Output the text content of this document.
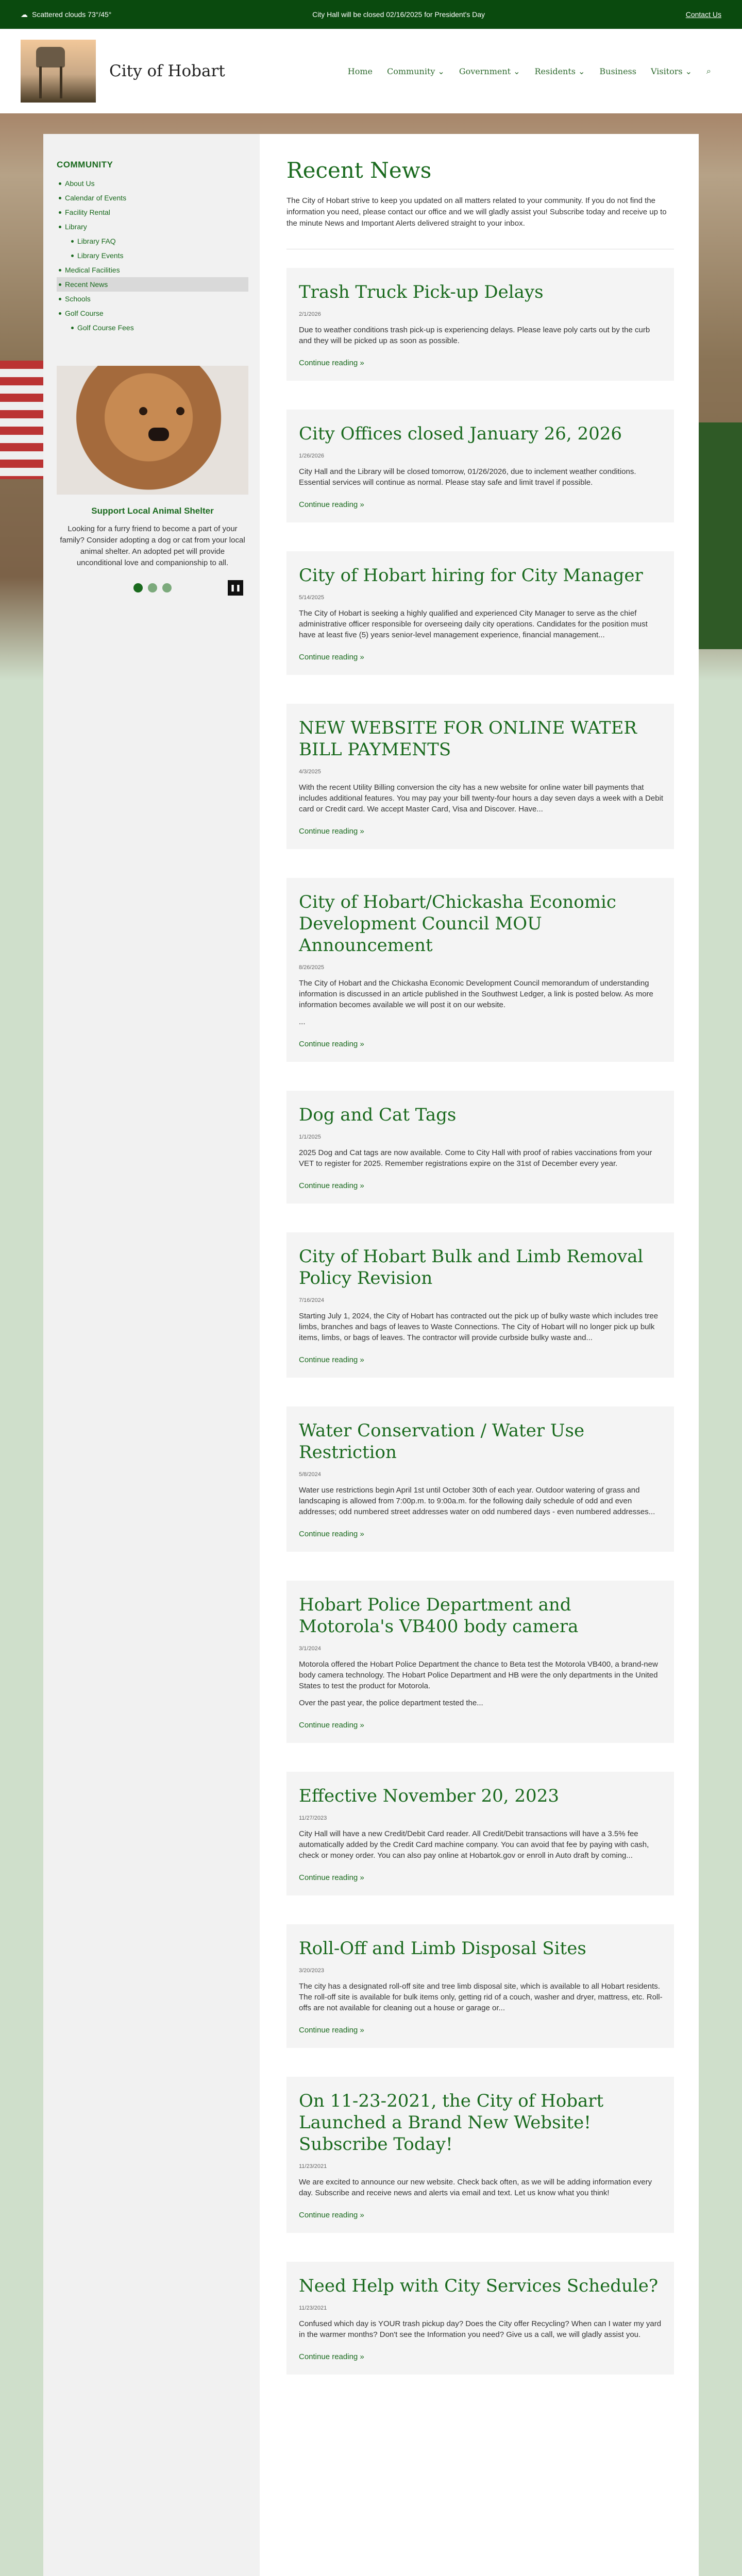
☁ Scattered clouds 73°/45°	City Hall will be closed 02/16/2025 for President's Day	Contact Us
City of Hobart	Home Community ⌄ Government ⌄ Residents ⌄ Business Visitors ⌄ ⌕
COMMUNITY
About Us
Calendar of Events
Facility Rental
Library
Library FAQ
Library Events
Medical Facilities
Recent News
Schools
Golf Course
Golf Course Fees
Support Local Animal Shelter

Looking for a furry friend to become a part of your family? Consider adopting a dog or cat from your local animal shelter. An adopted pet will provide unconditional love and companionship to all.

❚❚
Recent News

The City of Hobart strive to keep you updated on all matters related to your community. If you do not find the information you need, please contact our office and we will gladly assist you! Subscribe today and receive up to the minute News and Important Alerts delivered straight to your inbox.

Trash Truck Pick-up Delays
2/1/2026

Due to weather conditions trash pick-up is experiencing delays. Please leave poly carts out by the curb and they will be picked up as soon as possible.

Continue reading »
City Offices closed January 26, 2026
1/26/2026

City Hall and the Library will be closed tomorrow, 01/26/2026, due to inclement weather conditions. Essential services will continue as normal. Please stay safe and limit travel if possible.

Continue reading »
City of Hobart hiring for City Manager
5/14/2025

The City of Hobart is seeking a highly qualified and experienced City Manager to serve as the chief administrative officer responsible for overseeing daily city operations. Candidates for the position must have at least five (5) years senior-level management experience, financial management...

Continue reading »
NEW WEBSITE FOR ONLINE WATER BILL PAYMENTS
4/3/2025

With the recent Utility Billing conversion the city has a new website for online water bill payments that includes additional features. You may pay your bill twenty-four hours a day seven days a week with a Debit card or Credit card. We accept Master Card, Visa and Discover. Have...

Continue reading »
City of Hobart/Chickasha Economic Development Council MOU Announcement
8/26/2025

The City of Hobart and the Chickasha Economic Development Council memorandum of understanding information is discussed in an article published in the Southwest Ledger, a link is posted below. As more information becomes available we will post it on our website.

...

Continue reading »
Dog and Cat Tags
1/1/2025

2025 Dog and Cat tags are now available. Come to City Hall with proof of rabies vaccinations from your VET to register for 2025. Remember registrations expire on the 31st of December every year.

Continue reading »
City of Hobart Bulk and Limb Removal Policy Revision
7/16/2024

Starting July 1, 2024, the City of Hobart has contracted out the pick up of bulky waste which includes tree limbs, branches and bags of leaves to Waste Connections. The City of Hobart will no longer pick up bulk items, limbs, or bags of leaves. The contractor will provide curbside bulky waste and...

Continue reading »
Water Conservation / Water Use Restriction
5/8/2024

Water use restrictions begin April 1st until October 30th of each year. Outdoor watering of grass and landscaping is allowed from 7:00p.m. to 9:00a.m. for the following daily schedule of odd and even addresses; odd numbered street addresses water on odd numbered days - even numbered addresses...

Continue reading »
Hobart Police Department and Motorola's VB400 body camera
3/1/2024

Motorola offered the Hobart Police Department the chance to Beta test the Motorola VB400, a brand-new body camera technology. The Hobart Police Department and HB were the only departments in the United States to test the product for Motorola.

Over the past year, the police department tested the...

Continue reading »
Effective November 20, 2023
11/27/2023

City Hall will have a new Credit/Debit Card reader. All Credit/Debit transactions will have a 3.5% fee automatically added by the Credit Card machine company. You can avoid that fee by paying with cash, check or money order. You can also pay online at Hobartok.gov or enroll in Auto draft by coming...

Continue reading »
Roll-Off and Limb Disposal Sites
3/20/2023

The city has a designated roll-off site and tree limb disposal site, which is available to all Hobart residents. The roll-off site is available for bulk items only, getting rid of a couch, washer and dryer, mattress, etc. Roll-offs are not available for cleaning out a house or garage or...

Continue reading »
On 11-23-2021, the City of Hobart Launched a Brand New Website! Subscribe Today!
11/23/2021

We are excited to announce our new website. Check back often, as we will be adding information every day. Subscribe and receive news and alerts via email and text. Let us know what you think!

Continue reading »
Need Help with City Services Schedule?
11/23/2021

Confused which day is YOUR trash pickup day? Does the City offer Recycling? When can I water my yard in the warmer months? Don't see the Information you need? Give us a call, we will gladly assist you.

Continue reading »
